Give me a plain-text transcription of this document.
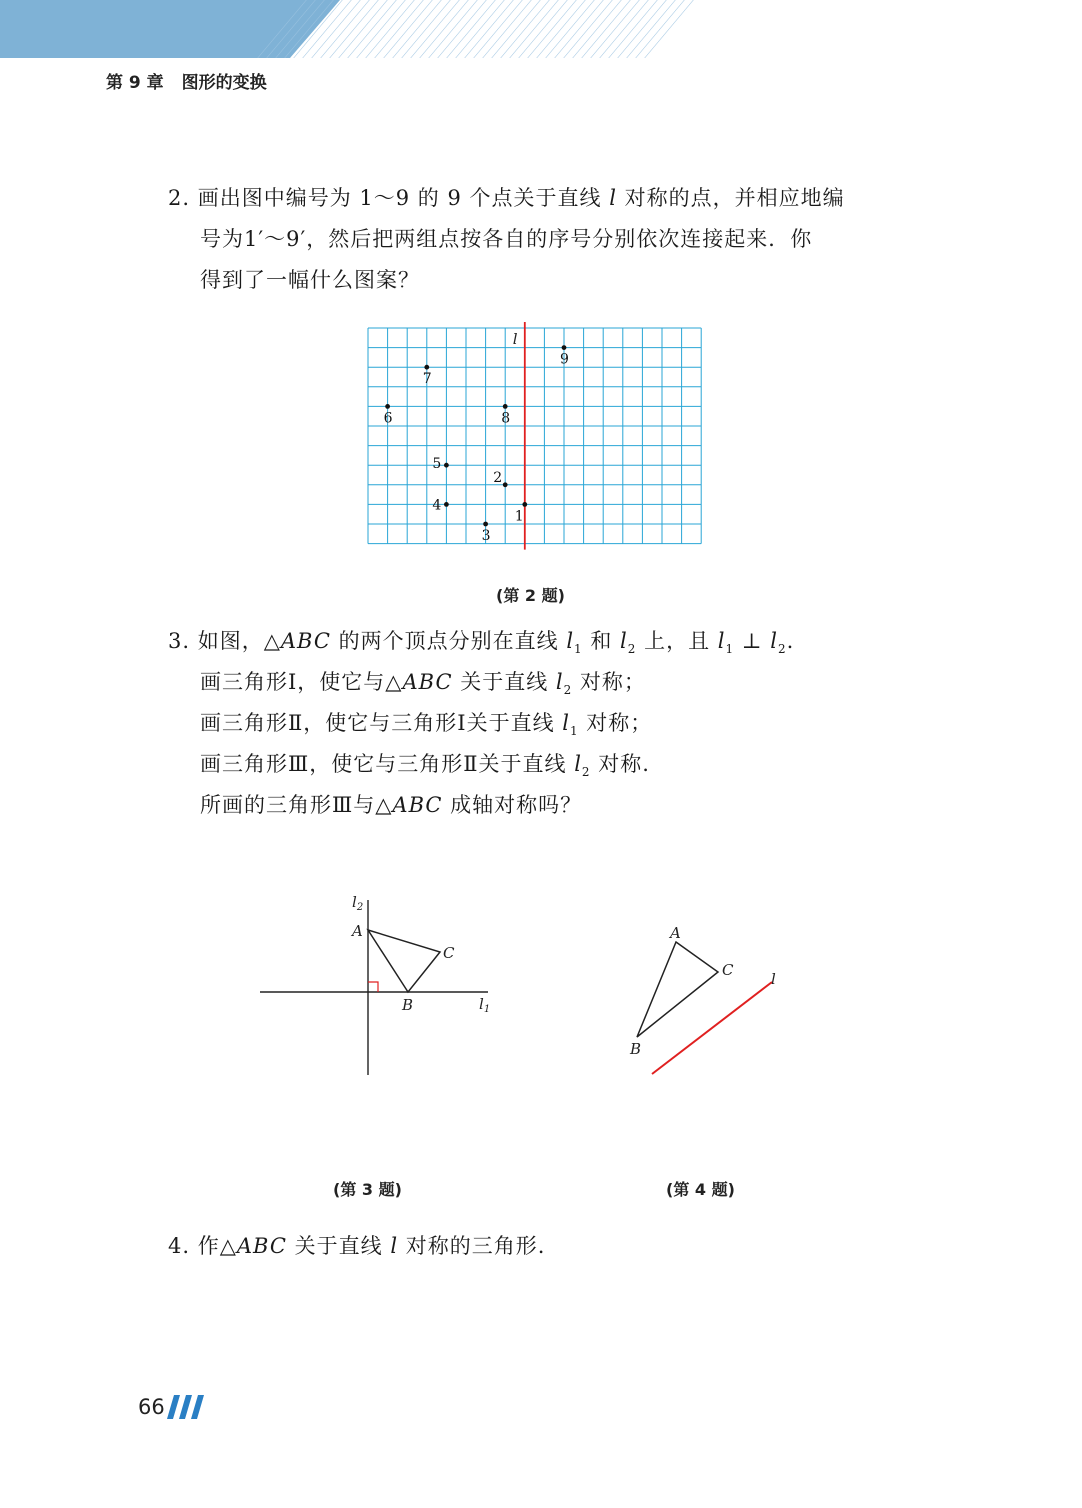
第 9 章 图形的变换
2. 画出图中编号为 1～9 的 9 个点关于直线 l 对称的点，并相应地编
号为1′～9′，然后把两组点按各自的序号分别依次连接起来．你
得到了一幅什么图案？
l
1
2
3
4
5
6
7
8
9
(第 2 题)
3. 如图，△ABC 的两个顶点分别在直线 $l_1$ 和 $l_2$ 上，且 $l_1$ ⊥ $l_2$.
画三角形Ⅰ，使它与△ABC 关于直线 $l_2$ 对称；
画三角形Ⅱ，使它与三角形Ⅰ关于直线 $l_1$ 对称；
画三角形Ⅲ，使它与三角形Ⅱ关于直线 $l_2$ 对称.
所画的三角形Ⅲ与△ABC 成轴对称吗？
$l_2$
A
C
B	$l_1$
A
C	l
B
(第 3 题)	(第 4 题)
4. 作△ABC 关于直线 l 对称的三角形.
66
